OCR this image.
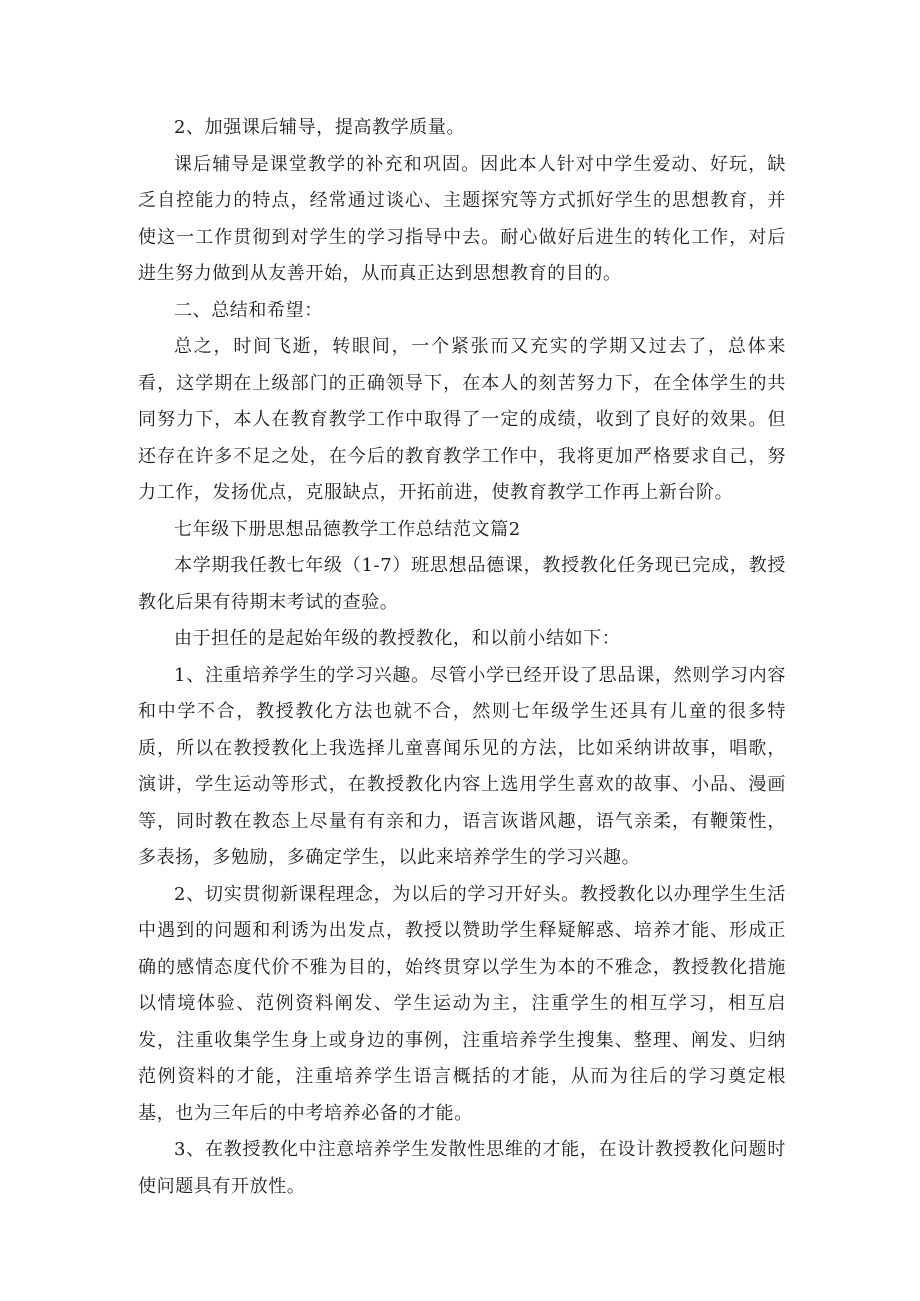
2、加强课后辅导，提高教学质量。

课后辅导是课堂教学的补充和巩固。因此本人针对中学生爱动、好玩，缺乏自控能力的特点，经常通过谈心、主题探究等方式抓好学生的思想教育，并使这一工作贯彻到对学生的学习指导中去。耐心做好后进生的转化工作，对后进生努力做到从友善开始，从而真正达到思想教育的目的。

二、总结和希望：

总之，时间飞逝，转眼间，一个紧张而又充实的学期又过去了，总体来看，这学期在上级部门的正确领导下，在本人的刻苦努力下，在全体学生的共同努力下，本人在教育教学工作中取得了一定的成绩，收到了良好的效果。但还存在许多不足之处，在今后的教育教学工作中，我将更加严格要求自己，努力工作，发扬优点，克服缺点，开拓前进，使教育教学工作再上新台阶。

七年级下册思想品德教学工作总结范文篇2

本学期我任教七年级（1-7）班思想品德课，教授教化任务现已完成，教授教化后果有待期末考试的查验。

由于担任的是起始年级的教授教化，和以前小结如下：

1、注重培养学生的学习兴趣。尽管小学已经开设了思品课，然则学习内容和中学不合，教授教化方法也就不合，然则七年级学生还具有儿童的很多特质，所以在教授教化上我选择儿童喜闻乐见的方法，比如采纳讲故事，唱歌，演讲，学生运动等形式，在教授教化内容上选用学生喜欢的故事、小品、漫画等，同时教在教态上尽量有有亲和力，语言诙谐风趣，语气亲柔，有鞭策性，多表扬，多勉励，多确定学生，以此来培养学生的学习兴趣。

2、切实贯彻新课程理念，为以后的学习开好头。教授教化以办理学生生活中遇到的问题和利诱为出发点，教授以赞助学生释疑解惑、培养才能、形成正确的感情态度代价不雅为目的，始终贯穿以学生为本的不雅念，教授教化措施以情境体验、范例资料阐发、学生运动为主，注重学生的相互学习，相互启发，注重收集学生身上或身边的事例，注重培养学生搜集、整理、阐发、归纳范例资料的才能，注重培养学生语言概括的才能，从而为往后的学习奠定根基，也为三年后的中考培养必备的才能。

3、在教授教化中注意培养学生发散性思维的才能，在设计教授教化问题时使问题具有开放性。
